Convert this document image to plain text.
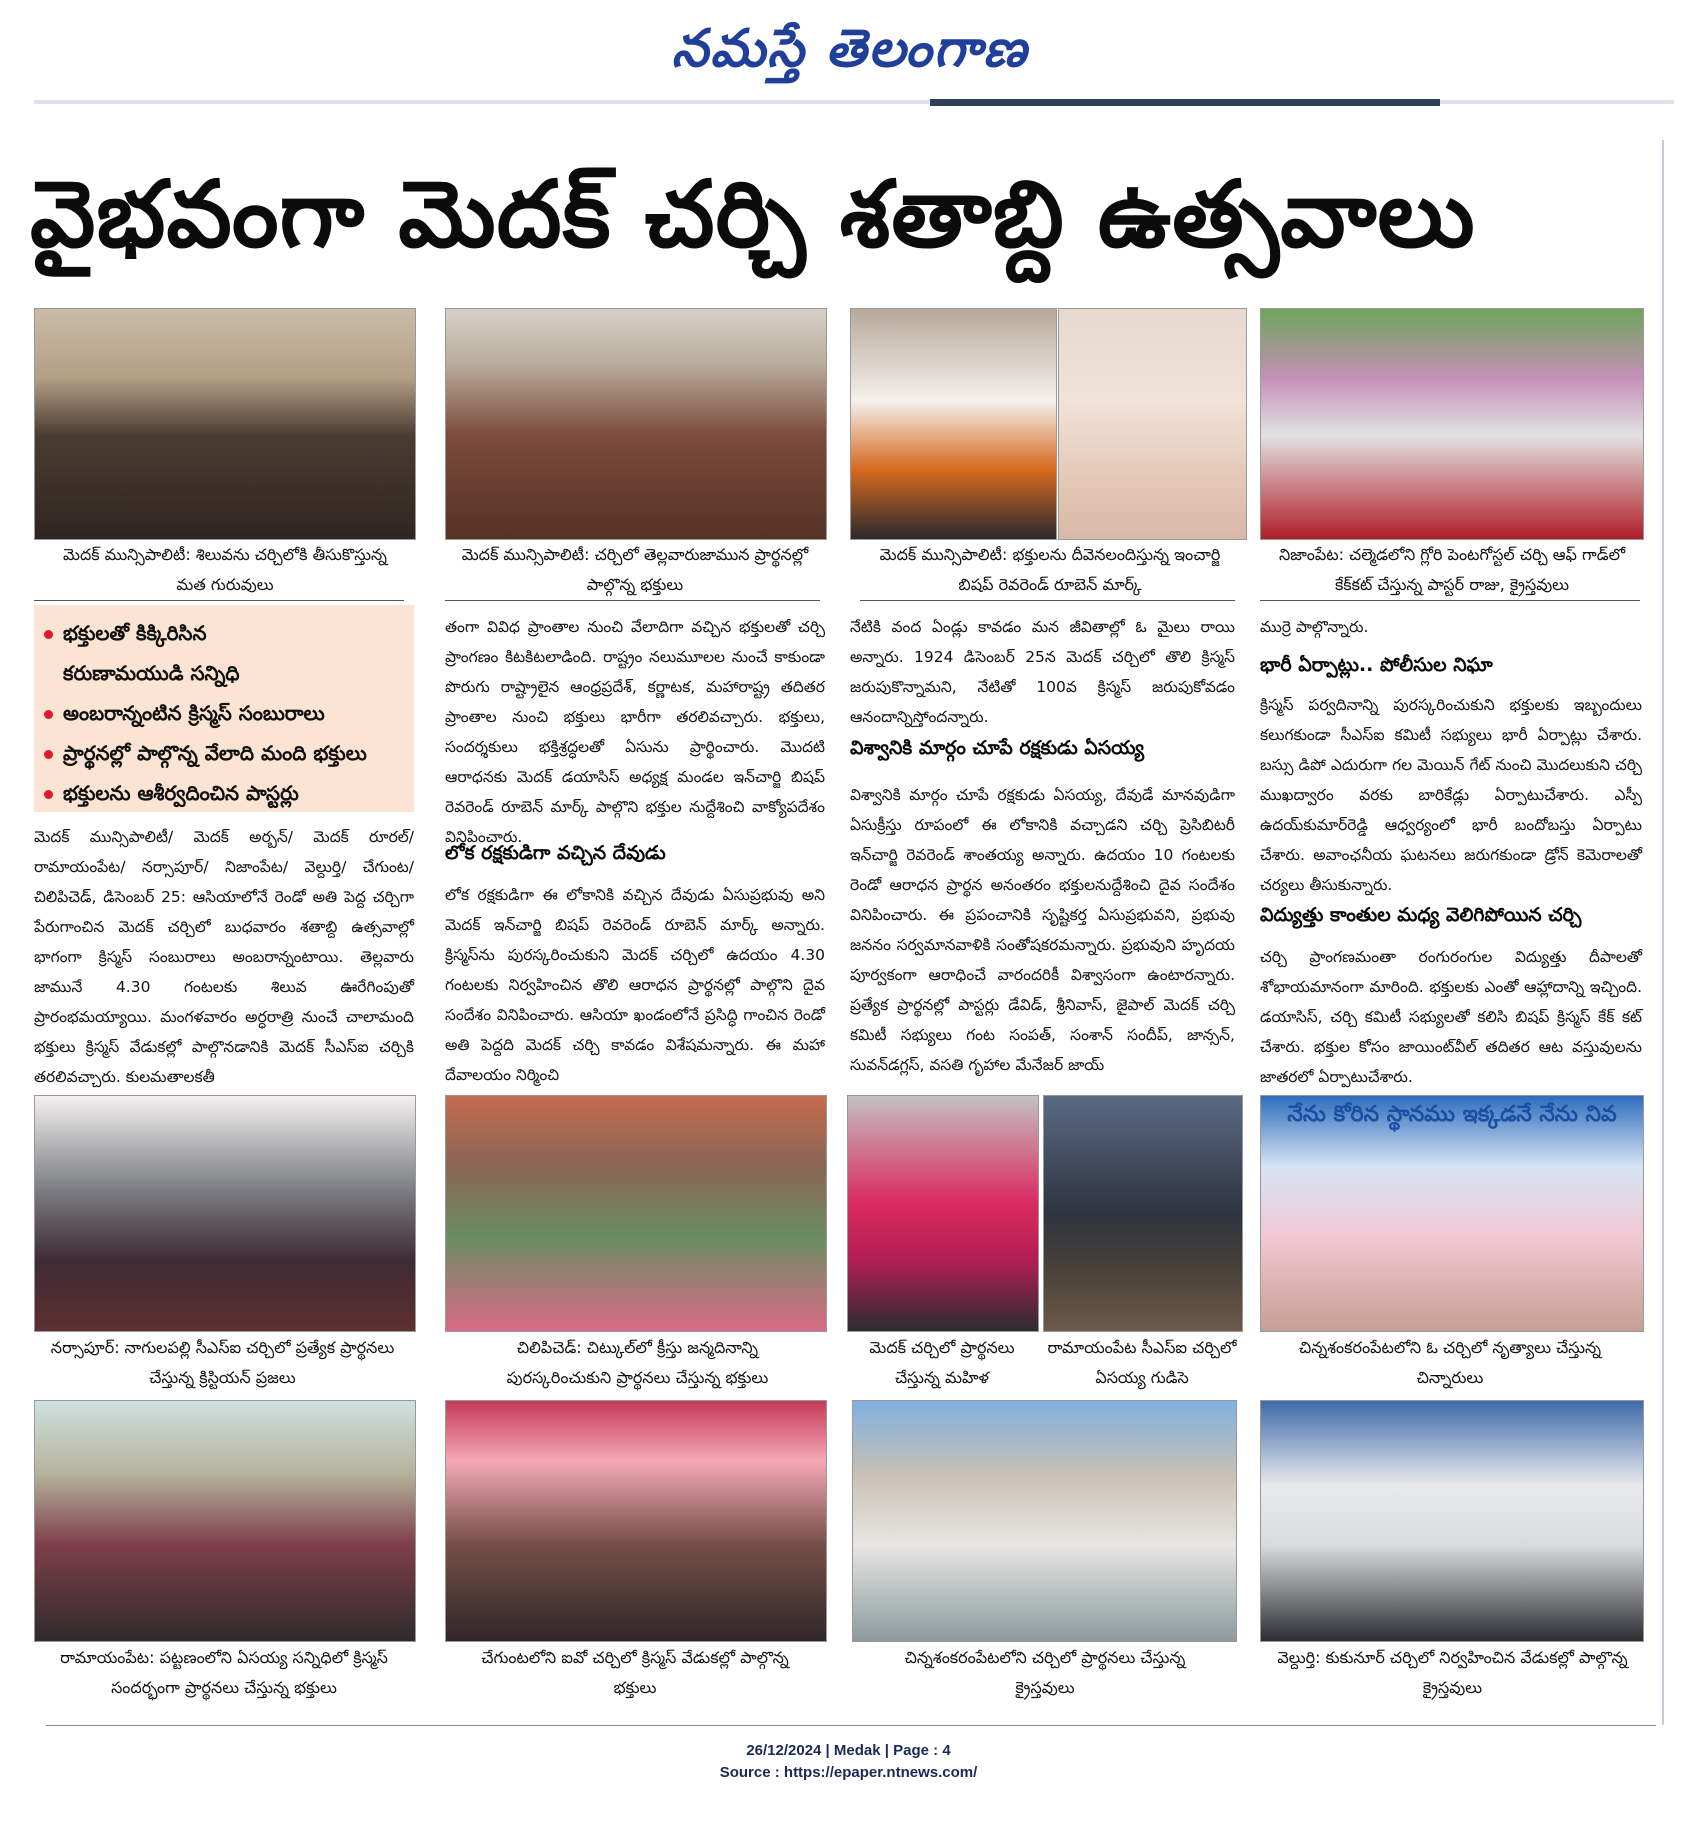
నమస్తే తెలంగాణ
వైభవంగా మెదక్ చర్చి శతాబ్ది ఉత్సవాలు
మెదక్ మున్సిపాలిటీ: శిలువను చర్చిలోకి తీసుకొస్తున్న మత గురువులు
మెదక్ మున్సిపాలిటీ: చర్చిలో తెల్లవారుజామున ప్రార్థనల్లో పాల్గొన్న భక్తులు
మెదక్ మున్సిపాలిటీ: భక్తులను దీవెనలందిస్తున్న ఇంచార్జి బిషప్ రెవరెండ్ రూబెన్ మార్క్
నిజాంపేట: చల్మెడలోని గ్లోరి పెంటగోస్టల్ చర్చి ఆఫ్ గాడ్‌లో కేక్‌కట్ చేస్తున్న పాస్టర్ రాజు, క్రైస్తవులు
భక్తులతో కిక్కిరిసిన
కరుణామయుడి సన్నిధి
అంబరాన్నంటిన క్రిస్మస్ సంబురాలు
ప్రార్థనల్లో పాల్గొన్న వేలాది మంది భక్తులు
భక్తులను ఆశీర్వదించిన పాస్టర్లు

మెదక్ మున్సిపాలిటీ/ మెదక్ అర్బన్/ మెదక్ రూరల్/ రామాయంపేట/ నర్సాపూర్/ నిజాంపేట/ వెల్దుర్తి/ చేగుంట/చిలిపిచెడ్, డిసెంబర్ 25: ఆసియాలోనే రెండో అతి పెద్ద చర్చిగా పేరుగాంచిన మెదక్ చర్చిలో బుధవారం శతాబ్ది ఉత్సవాల్లో భాగంగా క్రిస్మస్ సంబురాలు అంబరాన్నంటాయి. తెల్లవారు జామునే 4.30 గంటలకు శిలువ ఊరేగింపుతో ప్రారంభమయ్యాయి. మంగళవారం అర్ధరాత్రి నుంచే చాలామంది భక్తులు క్రిస్మస్ వేడుకల్లో పాల్గొనడానికి మెదక్ సీఎస్ఐ చర్చికి తరలివచ్చారు. కులమతాలకతీ

తంగా వివిధ ప్రాంతాల నుంచి వేలాదిగా వచ్చిన భక్తులతో చర్చి ప్రాంగణం కిటకిటలాడింది. రాష్ట్రం నలుమూలల నుంచే కాకుండా పొరుగు రాష్ట్రాలైన ఆంధ్రప్రదేశ్, కర్ణాటక, మహారాష్ట్ర తదితర ప్రాంతాల నుంచి భక్తులు భారీగా తరలివచ్చారు. భక్తులు, సందర్శకులు భక్తిశ్రద్ధలతో ఏసును ప్రార్థించారు. మొదటి ఆరాధనకు మెదక్ డయాసిస్ అధ్యక్ష మండల ఇన్‌చార్జి బిషప్ రెవరెండ్ రూబెన్ మార్క్ పాల్గొని భక్తుల నుద్దేశించి వాక్యోపదేశం వినిపించారు.

లోక రక్షకుడిగా వచ్చిన దేవుడు

లోక రక్షకుడిగా ఈ లోకానికి వచ్చిన దేవుడు ఏసుప్రభువు అని మెదక్ ఇన్‌చార్జి బిషప్ రెవరెండ్ రూబెన్ మార్క్ అన్నారు. క్రిస్మస్‌ను పురస్కరించుకుని మెదక్ చర్చిలో ఉదయం 4.30 గంటలకు నిర్వహించిన తొలి ఆరాధన ప్రార్థనల్లో పాల్గొని దైవ సందేశం వినిపించారు. ఆసియా ఖండంలోనే ప్రసిద్ధి గాంచిన రెండో అతి పెద్దది మెదక్ చర్చి కావడం విశేషమన్నారు. ఈ మహా దేవాలయం నిర్మించి

నేటికి వంద ఏండ్లు కావడం మన జీవితాల్లో ఓ మైలు రాయి అన్నారు. 1924 డిసెంబర్ 25న మెదక్ చర్చిలో తొలి క్రిస్మస్ జరుపుకొన్నామని, నేటితో 100వ క్రిస్మస్ జరుపుకోవడం ఆనందాన్నిస్తోందన్నారు.

విశ్వానికి మార్గం చూపే రక్షకుడు ఏసయ్య

విశ్వానికి మార్గం చూపే రక్షకుడు ఏసయ్య, దేవుడే మానవుడిగా ఏసుక్రీస్తు రూపంలో ఈ లోకానికి వచ్చాడని చర్చి ప్రెసిబిటరీ ఇన్‌చార్జి రెవరెండ్ శాంతయ్య అన్నారు. ఉదయం 10 గంటలకు రెండో ఆరాధన ప్రార్థన అనంతరం భక్తులనుద్దేశించి దైవ సందేశం వినిపించారు. ఈ ప్రపంచానికి సృష్టికర్త ఏసుప్రభువని, ప్రభువు జననం సర్వమానవాళికి సంతోషకరమన్నారు. ప్రభువుని హృదయ పూర్వకంగా ఆరాధించే వారందరికీ విశ్వాసంగా ఉంటారన్నారు. ప్రత్యేక ప్రార్థనల్లో పాస్టర్లు డేవిడ్, శ్రీనివాస్, జైపాల్ మెదక్ చర్చి కమిటీ సభ్యులు గంట సంపత్, సంశాన్ సందీప్, జాన్సన్, సువన్‌డగ్లస్, వసతి గృహాల మేనేజర్ జాయ్

ముర్రె పాల్గొన్నారు.

భారీ ఏర్పాట్లు.. పోలీసుల నిఘా

క్రిస్మస్ పర్వదినాన్ని పురస్కరించుకుని భక్తులకు ఇబ్బందులు కలుగకుండా సీఎస్ఐ కమిటీ సభ్యులు భారీ ఏర్పాట్లు చేశారు. బస్సు డిపో ఎదురుగా గల మెయిన్ గేట్ నుంచి మొదలుకుని చర్చి ముఖద్వారం వరకు బారికేడ్లు ఏర్పాటుచేశారు. ఎస్పీ ఉదయ్‌కుమార్‌రెడ్డి ఆధ్వర్యంలో భారీ బందోబస్తు ఏర్పాటు చేశారు. అవాంఛనీయ ఘటనలు జరుగకుండా డ్రోన్ కెమెరాలతో చర్యలు తీసుకున్నారు.

విద్యుత్తు కాంతుల మధ్య వెలిగిపోయిన చర్చి

చర్చి ప్రాంగణమంతా రంగురంగుల విద్యుత్తు దీపాలతో శోభాయమానంగా మారింది. భక్తులకు ఎంతో ఆహ్లాదాన్ని ఇచ్చింది. డయాసిస్, చర్చి కమిటీ సభ్యులతో కలిసి బిషప్ క్రిస్మస్ కేక్ కట్ చేశారు. భక్తుల కోసం జాయింట్‌వీల్ తదితర ఆట వస్తువులను జాతరలో ఏర్పాటుచేశారు.

నర్సాపూర్: నాగులపల్లి సీఎస్ఐ చర్చిలో ప్రత్యేక ప్రార్థనలు చేస్తున్న క్రిస్టియన్ ప్రజలు
చిలిపిచెడ్: చిట్కుల్‌లో క్రీస్తు జన్మదినాన్ని పురస్కరించుకుని ప్రార్థనలు చేస్తున్న భక్తులు
మెదక్ చర్చిలో ప్రార్థనలు చేస్తున్న మహిళ
రామాయంపేట సీఎస్ఐ చర్చిలో ఏసయ్య గుడిసె
నేను కోరిన స్థానము ఇక్కడనే నేను నివ
చిన్నశంకరంపేటలోని ఓ చర్చిలో నృత్యాలు చేస్తున్న చిన్నారులు
రామాయంపేట: పట్టణంలోని ఏసయ్య సన్నిధిలో క్రిస్మస్ సందర్భంగా ప్రార్థనలు చేస్తున్న భక్తులు
చేగుంటలోని ఐవో చర్చిలో క్రిస్మస్ వేడుకల్లో పాల్గొన్న భక్తులు
చిన్నశంకరంపేటలోని చర్చిలో ప్రార్థనలు చేస్తున్న క్రైస్తవులు
వెల్దుర్తి: కుకునూర్ చర్చిలో నిర్వహించిన వేడుకల్లో పాల్గొన్న క్రైస్తవులు
26/12/2024 | Medak | Page : 4
Source : https://epaper.ntnews.com/
